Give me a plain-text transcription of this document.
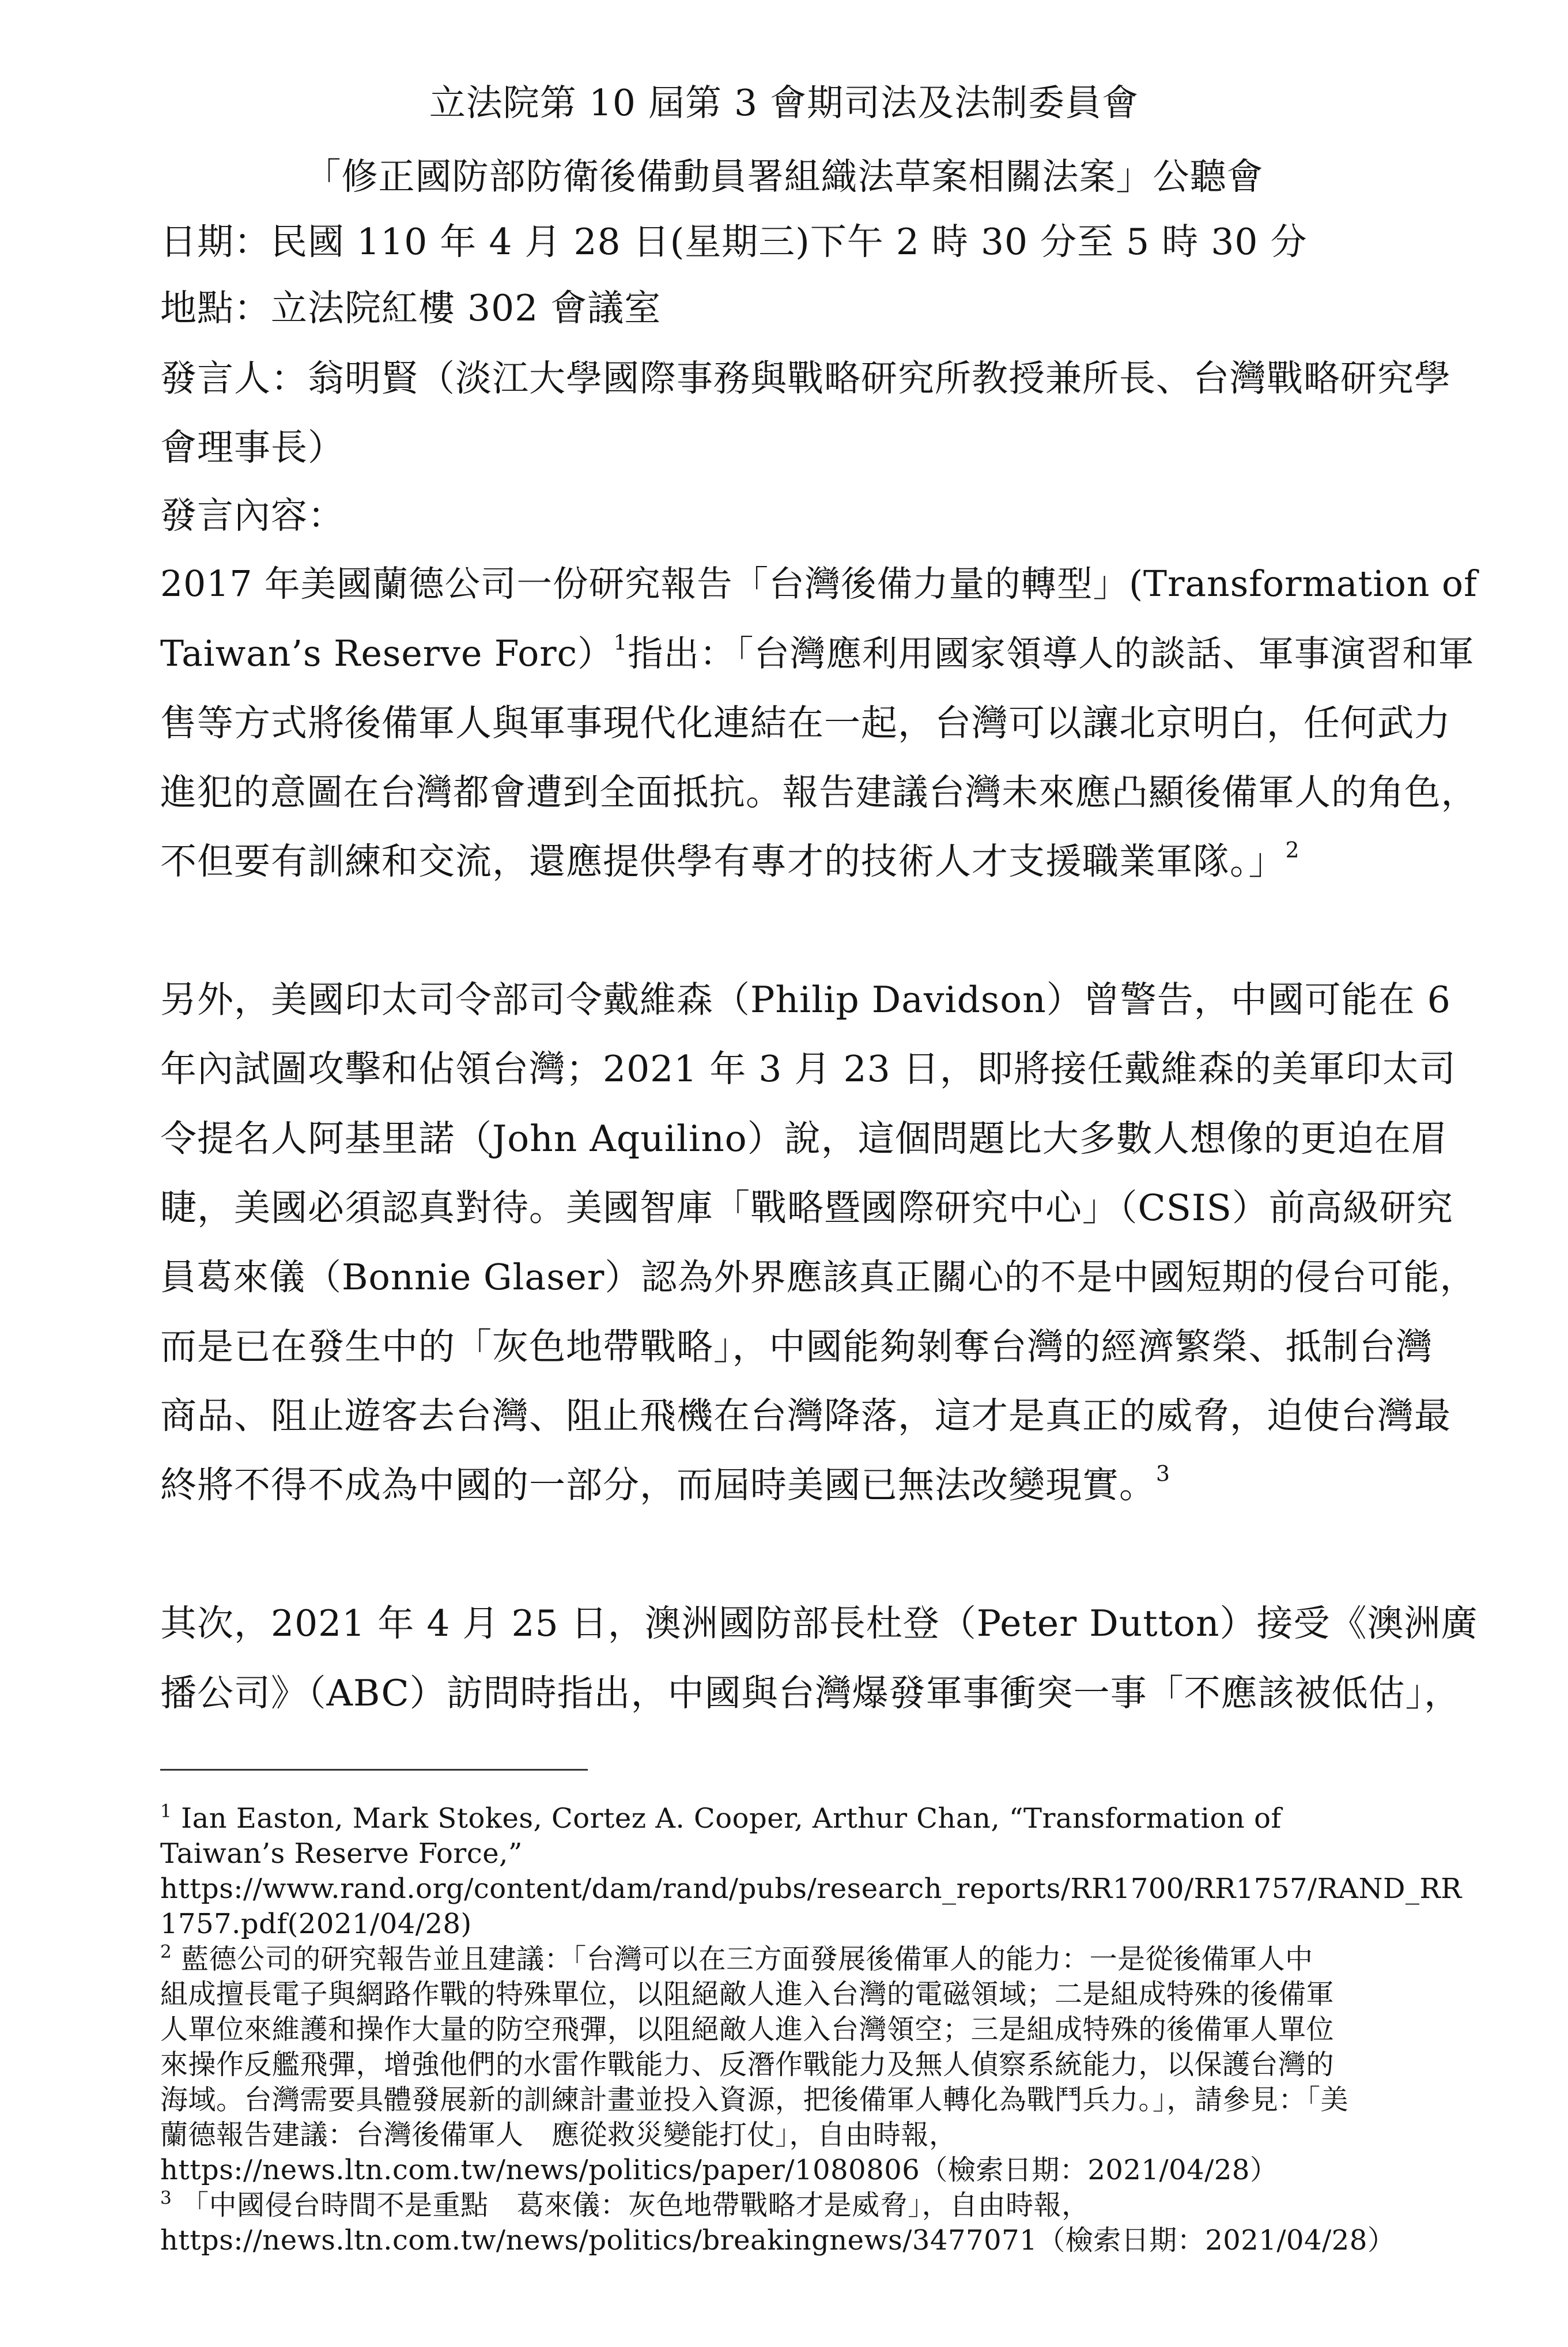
立法院第 10 屆第 3 會期司法及法制委員會

「修正國防部防衛後備動員署組織法草案相關法案」公聽會

日期：民國 110 年 4 月 28 日(星期三)下午 2 時 30 分至 5 時 30 分

地點：立法院紅樓 302 會議室

發言人：翁明賢（淡江大學國際事務與戰略研究所教授兼所長、台灣戰略研究學

會理事長）

發言內容：

2017 年美國蘭德公司一份研究報告「台灣後備力量的轉型」(Transformation of

Taiwan’s Reserve Forc）$^1$指出：「台灣應利用國家領導人的談話、軍事演習和軍

售等方式將後備軍人與軍事現代化連結在一起，台灣可以讓北京明白，任何武力

進犯的意圖在台灣都會遭到全面抵抗。報告建議台灣未來應凸顯後備軍人的角色，

不但要有訓練和交流，還應提供學有專才的技術人才支援職業軍隊。」$^2$

另外，美國印太司令部司令戴維森（Philip Davidson）曾警告，中國可能在 6

年內試圖攻擊和佔領台灣；2021 年 3 月 23 日，即將接任戴維森的美軍印太司

令提名人阿基里諾（John Aquilino）說，這個問題比大多數人想像的更迫在眉

睫，美國必須認真對待。美國智庫「戰略暨國際研究中心」（CSIS）前高級研究

員葛來儀（Bonnie Glaser）認為外界應該真正關心的不是中國短期的侵台可能，

而是已在發生中的「灰色地帶戰略」，中國能夠剝奪台灣的經濟繁榮、抵制台灣

商品、阻止遊客去台灣、阻止飛機在台灣降落，這才是真正的威脅，迫使台灣最

終將不得不成為中國的一部分，而屆時美國已無法改變現實。$^3$

其次，2021 年 4 月 25 日，澳洲國防部長杜登（Peter Dutton）接受《澳洲廣

播公司》（ABC）訪問時指出，中國與台灣爆發軍事衝突一事「不應該被低估」，

$^1$ Ian Easton, Mark Stokes, Cortez A. Cooper, Arthur Chan, “Transformation of

Taiwan’s Reserve Force,”

https://www.rand.org/content/dam/rand/pubs/research_reports/RR1700/RR1757/RAND_RR

1757.pdf(2021/04/28)

$^2$ 藍德公司的研究報告並且建議：「台灣可以在三方面發展後備軍人的能力：一是從後備軍人中

組成擅長電子與網路作戰的特殊單位，以阻絕敵人進入台灣的電磁領域；二是組成特殊的後備軍

人單位來維護和操作大量的防空飛彈，以阻絕敵人進入台灣領空；三是組成特殊的後備軍人單位

來操作反艦飛彈，增強他們的水雷作戰能力、反潛作戰能力及無人偵察系統能力，以保護台灣的

海域。台灣需要具體發展新的訓練計畫並投入資源，把後備軍人轉化為戰鬥兵力。」，請參見：「美

蘭德報告建議：台灣後備軍人　應從救災變能打仗」，自由時報，

https://news.ltn.com.tw/news/politics/paper/1080806（檢索日期：2021/04/28）

$^3$ 「中國侵台時間不是重點　葛來儀：灰色地帶戰略才是威脅」，自由時報，

https://news.ltn.com.tw/news/politics/breakingnews/3477071（檢索日期：2021/04/28）
